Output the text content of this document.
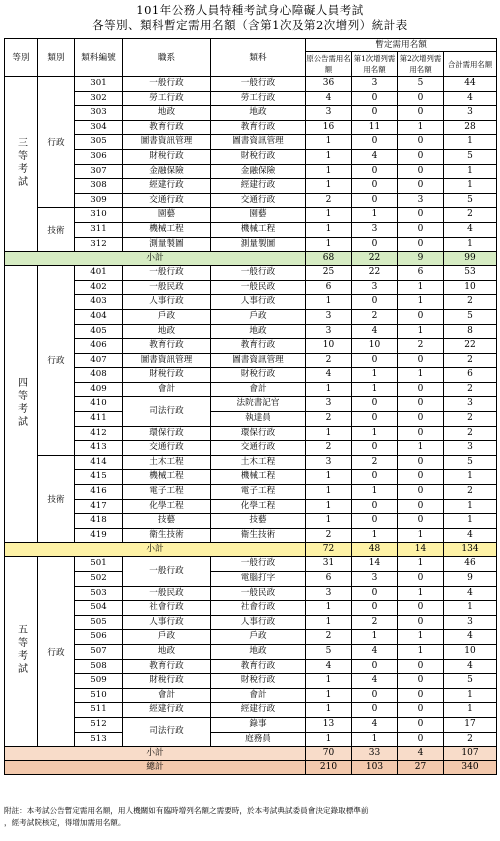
101年公務人員特種考試身心障礙人員考試
各等別、類科暫定需用名額（含第1次及第2次增列）統計表
等別	類別	類科編號	職系	類科	暫定需用名額			
					原公告需用名額	第1次增列需用名額	第2次增列需用名額	合計需用名額
三等考試	行政	301	一般行政	一般行政	36	3	5	44
		302	勞工行政	勞工行政	4	0	0	4
		303	地政	地政	3	0	0	3
		304	教育行政	教育行政	16	11	1	28
		305	圖書資訊管理	圖書資訊管理	1	0	0	1
		306	財稅行政	財稅行政	1	4	0	5
		307	金融保險	金融保險	1	0	0	1
		308	經建行政	經建行政	1	0	0	1
		309	交通行政	交通行政	2	0	3	5
	技術	310	園藝	園藝	1	1	0	2
		311	機械工程	機械工程	1	3	0	4
		312	測量製圖	測量製圖	1	0	0	1
小計					68	22	9	99
四等考試	行政	401	一般行政	一般行政	25	22	6	53
		402	一般民政	一般民政	6	3	1	10
		403	人事行政	人事行政	1	0	1	2
		404	戶政	戶政	3	2	0	5
		405	地政	地政	3	4	1	8
		406	教育行政	教育行政	10	10	2	22
		407	圖書資訊管理	圖書資訊管理	2	0	0	2
		408	財稅行政	財稅行政	4	1	1	6
		409	會計	會計	1	1	0	2
		410	司法行政	法院書記官	3	0	0	3
		411		執達員	2	0	0	2
		412	環保行政	環保行政	1	1	0	2
		413	交通行政	交通行政	2	0	1	3
	技術	414	土木工程	土木工程	3	2	0	5
		415	機械工程	機械工程	1	0	0	1
		416	電子工程	電子工程	1	1	0	2
		417	化學工程	化學工程	1	0	0	1
		418	技藝	技藝	1	0	0	1
		419	衛生技術	衛生技術	2	1	1	4
小計					72	48	14	134
五等考試	行政	501	一般行政	一般行政	31	14	1	46
		502		電腦打字	6	3	0	9
		503	一般民政	一般民政	3	0	1	4
		504	社會行政	社會行政	1	0	0	1
		505	人事行政	人事行政	1	2	0	3
		506	戶政	戶政	2	1	1	4
		507	地政	地政	5	4	1	10
		508	教育行政	教育行政	4	0	0	4
		509	財稅行政	財稅行政	1	4	0	5
		510	會計	會計	1	0	0	1
		511	經建行政	經建行政	1	0	0	1
		512	司法行政	錄事	13	4	0	17
		513		庭務員	1	1	0	2
小計					70	33	4	107
總計					210	103	27	340
附註：本考試公告暫定需用名額，用人機關如有臨時增列名額之需要時，於本考試典試委員會決定錄取標準前
，經考試院核定，得增加需用名額。
